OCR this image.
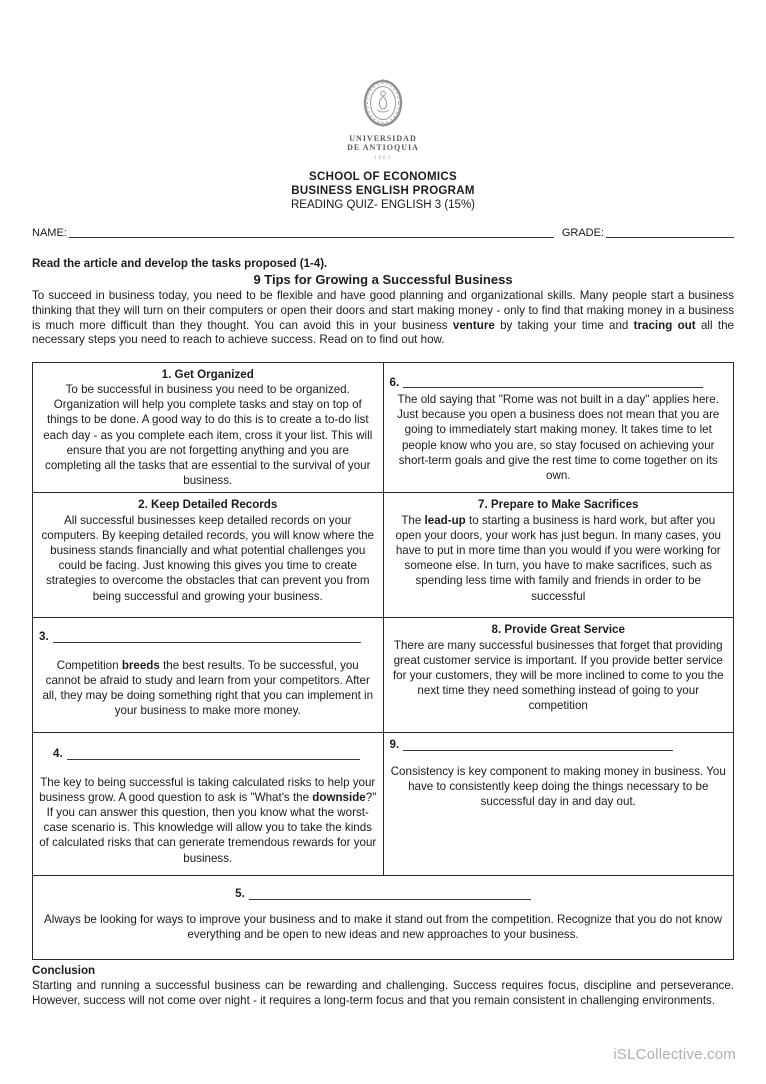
UNIVERSIDAD
DE ANTIOQUIA
1803
SCHOOL OF ECONOMICS
BUSINESS ENGLISH PROGRAM
READING QUIZ- ENGLISH 3 (15%)
NAME:	GRADE:
Read the article and develop the tasks proposed (1-4).
9 Tips for Growing a Successful Business

To succeed in business today, you need to be flexible and have good planning and organizational skills. Many people start a business thinking that they will turn on their computers or open their doors and start making money - only to find that making money in a business is much more difficult than they thought. You can avoid this in your business venture by taking your time and tracing out all the necessary steps you need to reach to achieve success. Read on to find out how.

1. Get Organized
To be successful in business you need to be organized. Organization will help you complete tasks and stay on top of things to be done. A good way to do this is to create a to-do list each day - as you complete each item, cross it your list. This will ensure that you are not forgetting anything and you are completing all the tasks that are essential to the survival of your business.

6.
The old saying that "Rome was not built in a day" applies here. Just because you open a business does not mean that you are going to immediately start making money. It takes time to let people know who you are, so stay focused on achieving your short-term goals and give the rest time to come together on its own.

2. Keep Detailed Records
All successful businesses keep detailed records on your computers. By keeping detailed records, you will know where the business stands financially and what potential challenges you could be facing. Just knowing this gives you time to create strategies to overcome the obstacles that can prevent you from being successful and growing your business.

7. Prepare to Make Sacrifices
The lead-up to starting a business is hard work, but after you open your doors, your work has just begun. In many cases, you have to put in more time than you would if you were working for someone else. In turn, you have to make sacrifices, such as spending less time with family and friends in order to be successful

3.
Competition breeds the best results. To be successful, you cannot be afraid to study and learn from your competitors. After all, they may be doing something right that you can implement in your business to make more money.

8. Provide Great Service
There are many successful businesses that forget that providing great customer service is important. If you provide better service for your customers, they will be more inclined to come to you the next time they need something instead of going to your competition

4.
The key to being successful is taking calculated risks to help your business grow. A good question to ask is "What's the downside?" If you can answer this question, then you know what the worst-case scenario is. This knowledge will allow you to take the kinds of calculated risks that can generate tremendous rewards for your business.

9.
Consistency is key component to making money in business. You have to consistently keep doing the things necessary to be successful day in and day out.

5.
Always be looking for ways to improve your business and to make it stand out from the competition. Recognize that you do not know everything and be open to new ideas and new approaches to your business.	
Conclusion

Starting and running a successful business can be rewarding and challenging. Success requires focus, discipline and perseverance. However, success will not come over night - it requires a long-term focus and that you remain consistent in challenging environments.

iSLCollective.com
